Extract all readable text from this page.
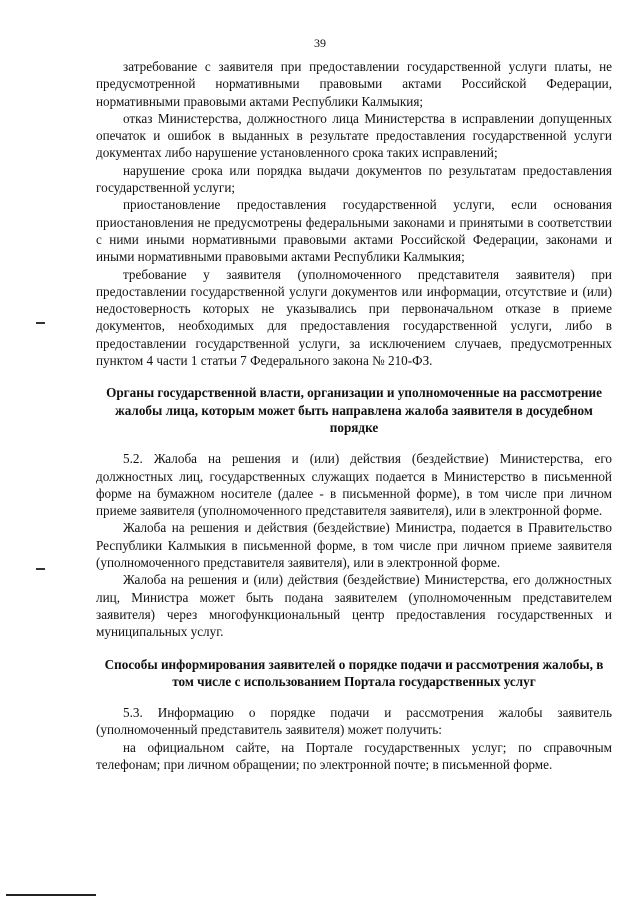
39

затребование с заявителя при предоставлении государственной услуги платы, не предусмотренной нормативными правовыми актами Российской Федерации, нормативными правовыми актами Республики Калмыкия;

отказ Министерства, должностного лица Министерства в исправлении допущенных опечаток и ошибок в выданных в результате предоставления государственной услуги документах либо нарушение установленного срока таких исправлений;

нарушение срока или порядка выдачи документов по результатам предоставления государственной услуги;

приостановление предоставления государственной услуги, если основания приостановления не предусмотрены федеральными законами и принятыми в соответствии с ними иными нормативными правовыми актами Российской Федерации, законами и иными нормативными правовыми актами Республики Калмыкия;

требование у заявителя (уполномоченного представителя заявителя) при предоставлении государственной услуги документов или информации, отсутствие и (или) недостоверность которых не указывались при первоначальном отказе в приеме документов, необходимых для предоставления государственной услуги, либо в предоставлении государственной услуги, за исключением случаев, предусмотренных пунктом 4 части 1 статьи 7 Федерального закона № 210-ФЗ.

Органы государственной власти, организации и уполномоченные на рассмотрение жалобы лица, которым может быть направлена жалоба заявителя в досудебном порядке

5.2. Жалоба на решения и (или) действия (бездействие) Министерства, его должностных лиц, государственных служащих подается в Министерство в письменной форме на бумажном носителе (далее - в письменной форме), в том числе при личном приеме заявителя (уполномоченного представителя заявителя), или в электронной форме.

Жалоба на решения и действия (бездействие) Министра, подается в Правительство Республики Калмыкия в письменной форме, в том числе при личном приеме заявителя (уполномоченного представителя заявителя), или в электронной форме.

Жалоба на решения и (или) действия (бездействие) Министерства, его должностных лиц, Министра может быть подана заявителем (уполномоченным представителем заявителя) через многофункциональный центр предоставления государственных и муниципальных услуг.

Способы информирования заявителей о порядке подачи и рассмотрения жалобы, в том числе с использованием Портала государственных услуг

5.3. Информацию о порядке подачи и рассмотрения жалобы заявитель (уполномоченный представитель заявителя) может получить:

на официальном сайте, на Портале государственных услуг; по справочным телефонам; при личном обращении; по электронной почте; в письменной форме.
